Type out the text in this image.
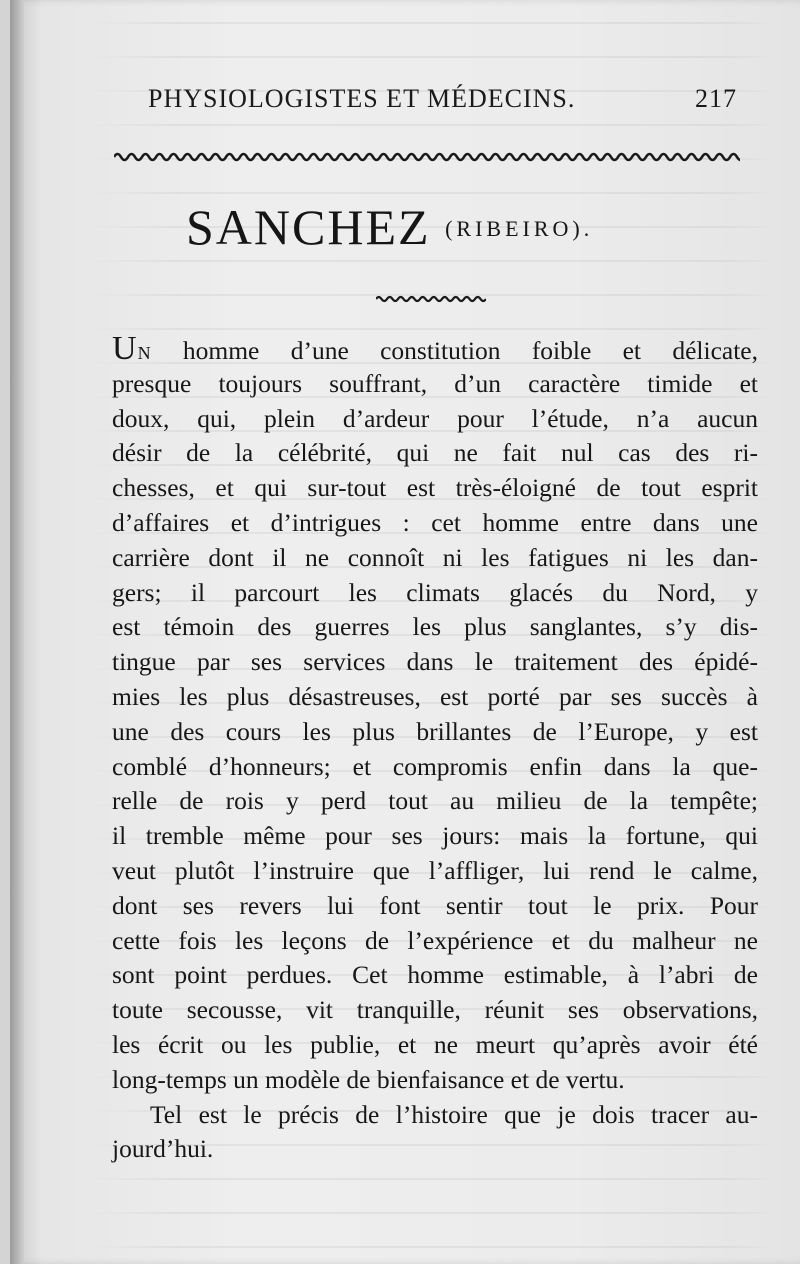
PHYSIOLOGISTES ET MÉDECINS.	217
SANCHEZ $^{(RIBEIRO).}$
UN homme d’une constitution foible et délicate,
presque toujours souffrant, d’un caractère timide et
doux, qui, plein d’ardeur pour l’étude, n’a aucun
désir de la célébrité, qui ne fait nul cas des ri-
chesses, et qui sur-tout est très-éloigné de tout esprit
d’affaires et d’intrigues : cet homme entre dans une
carrière dont il ne connoît ni les fatigues ni les dan-
gers; il parcourt les climats glacés du Nord, y
est témoin des guerres les plus sanglantes, s’y dis-
tingue par ses services dans le traitement des épidé-
mies les plus désastreuses, est porté par ses succès à
une des cours les plus brillantes de l’Europe, y est
comblé d’honneurs; et compromis enfin dans la que-
relle de rois y perd tout au milieu de la tempête;
il tremble même pour ses jours: mais la fortune, qui
veut plutôt l’instruire que l’affliger, lui rend le calme,
dont ses revers lui font sentir tout le prix. Pour
cette fois les leçons de l’expérience et du malheur ne
sont point perdues. Cet homme estimable, à l’abri de
toute secousse, vit tranquille, réunit ses observations,
les écrit ou les publie, et ne meurt qu’après avoir été
long-temps un modèle de bienfaisance et de vertu.
Tel est le précis de l’histoire que je dois tracer au-
jourd’hui.
